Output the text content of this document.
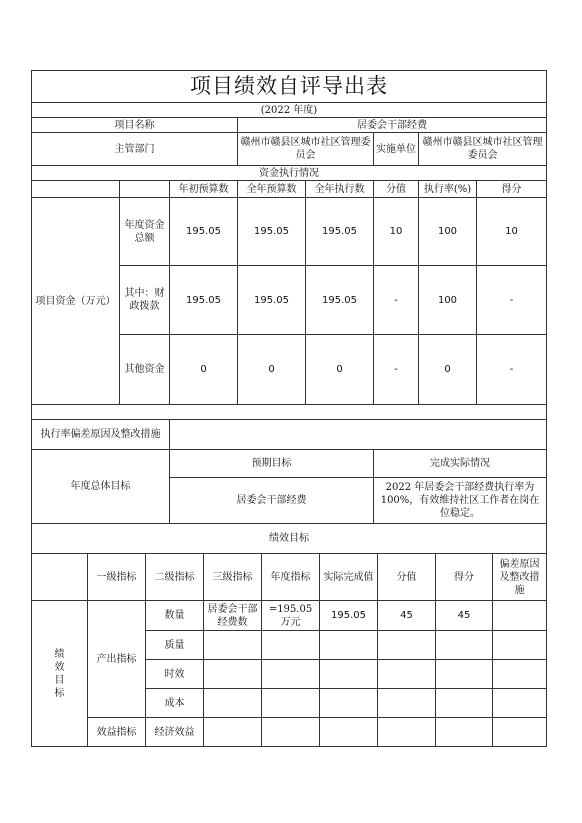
项目绩效自评导出表							
(2022 年度)							
项目名称			居委会干部经费				
主管部门			赣州市赣县区城市社区管理委员会		实施单位	赣州市赣县区城市社区管理委员会	
资金执行情况							
		年初预算数	全年预算数	全年执行数	分值	执行率(%)	得分
项目资金（万元）	年度资金总额	195.05	195.05	195.05	10	100	10
	其中：财政拨款	195.05	195.05	195.05	-	100	-
	其他资金	0	0	0	-	0	-

执行率偏差原因及整改措施							
年度总体目标		预期目标			完成实际情况		
		居委会干部经费			2022 年居委会干部经费执行率为 100%，有效维持社区工作者在岗在位稳定。		
绩效目标							
	一级指标	二级指标	三级指标	年度指标	实际完成值	分值	得分	偏差原因及整改措施

绩效目标	产出指标	数量	居委会干部经费数	=195.05万元	195.05	45	45	
		质量						
		时效						
		成本						
	效益指标	经济效益						
